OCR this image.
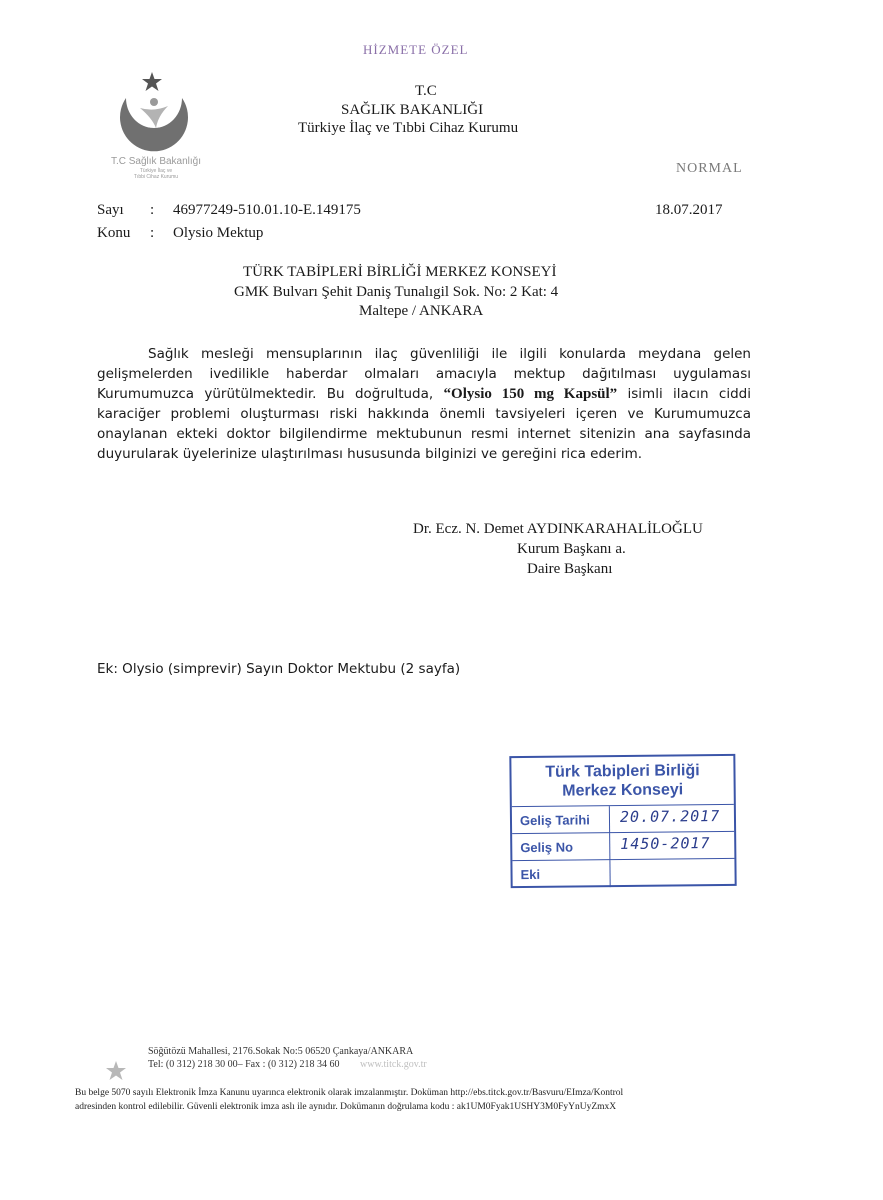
HİZMETE ÖZEL
T.C Sağlık Bakanlığı
Türkiye İlaç ve
Tıbbi Cihaz Kurumu
T.C
SAĞLIK BAKANLIĞI
Türkiye İlaç ve Tıbbi Cihaz Kurumu
NORMAL
Sayı : 46977249-510.01.10-E.149175	18.07.2017
Konu : Olysio Mektup
TÜRK TABİPLERİ BİRLİĞİ MERKEZ KONSEYİ
GMK Bulvarı Şehit Daniş Tunalıgil Sok. No: 2 Kat: 4
Maltepe / ANKARA
Sağlık mesleği mensuplarının ilaç güvenliliği ile ilgili konularda meydana gelen gelişmelerden ivedilikle haberdar olmaları amacıyla mektup dağıtılması uygulaması Kurumumuzca yürütülmektedir. Bu doğrultuda, “Olysio 150 mg Kapsül” isimli ilacın ciddi karaciğer problemi oluşturması riski hakkında önemli tavsiyeleri içeren ve Kurumumuzca onaylanan ekteki doktor bilgilendirme mektubunun resmi internet sitenizin ana sayfasında duyurularak üyelerinize ulaştırılması hususunda bilginizi ve gereğini rica ederim.
Dr. Ecz. N. Demet AYDINKARAHALİLOĞLU
Kurum Başkanı a.
Daire Başkanı
Ek: Olysio (simprevir) Sayın Doktor Mektubu (2 sayfa)
Türk Tabipleri Birliği
Merkez Konseyi
Geliş Tarihi 20.07.2017
Geliş No	1450-2017
Eki
Söğütözü Mahallesi, 2176.Sokak No:5 06520 Çankaya/ANKARA
Tel: (0 312) 218 30 00– Fax : (0 312) 218 34 60 www.titck.gov.tr
Bu belge 5070 sayılı Elektronik İmza Kanunu uyarınca elektronik olarak imzalanmıştır. Doküman http://ebs.titck.gov.tr/Basvuru/EImza/Kontrol
adresinden kontrol edilebilir. Güvenli elektronik imza aslı ile aynıdır. Dokümanın doğrulama kodu : ak1UM0Fyak1USHY3M0FyYnUyZmxX
